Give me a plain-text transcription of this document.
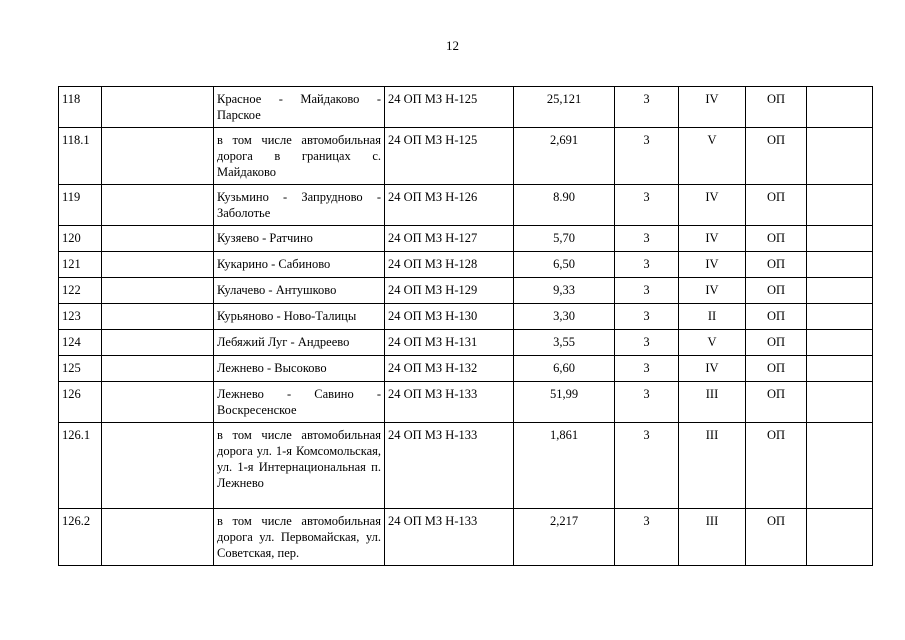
12
118		Красное - Майдаково - Парское	24 ОП МЗ Н-125	25,121	3	IV	ОП	
118.1		в том числе автомобильная дорога в границах с. Майдаково	24 ОП МЗ Н-125	2,691	3	V	ОП	
119		Кузьмино - Запрудново - Заболотье	24 ОП МЗ Н-126	8.90	3	IV	ОП	
120		Кузяево - Ратчино	24 ОП МЗ Н-127	5,70	3	IV	ОП	
121		Кукарино - Сабиново	24 ОП МЗ Н-128	6,50	3	IV	ОП	
122		Кулачево - Антушково	24 ОП МЗ Н-129	9,33	3	IV	ОП	
123		Курьяново - Ново-Талицы	24 ОП МЗ Н-130	3,30	3	II	ОП	
124		Лебяжий Луг - Андреево	24 ОП МЗ Н-131	3,55	3	V	ОП	
125		Лежнево - Высоково	24 ОП МЗ Н-132	6,60	3	IV	ОП	
126		Лежнево - Савино - Воскресенское	24 ОП МЗ Н-133	51,99	3	III	ОП	
126.1		в том числе автомобильная дорога ул. 1-я Комсомольская, ул. 1-я Интернациональная п. Лежнево	24 ОП МЗ Н-133	1,861	3	III	ОП	
126.2		в том числе автомобильная дорога ул. Первомайская, ул. Советская, пер.	24 ОП МЗ Н-133	2,217	3	III	ОП	
